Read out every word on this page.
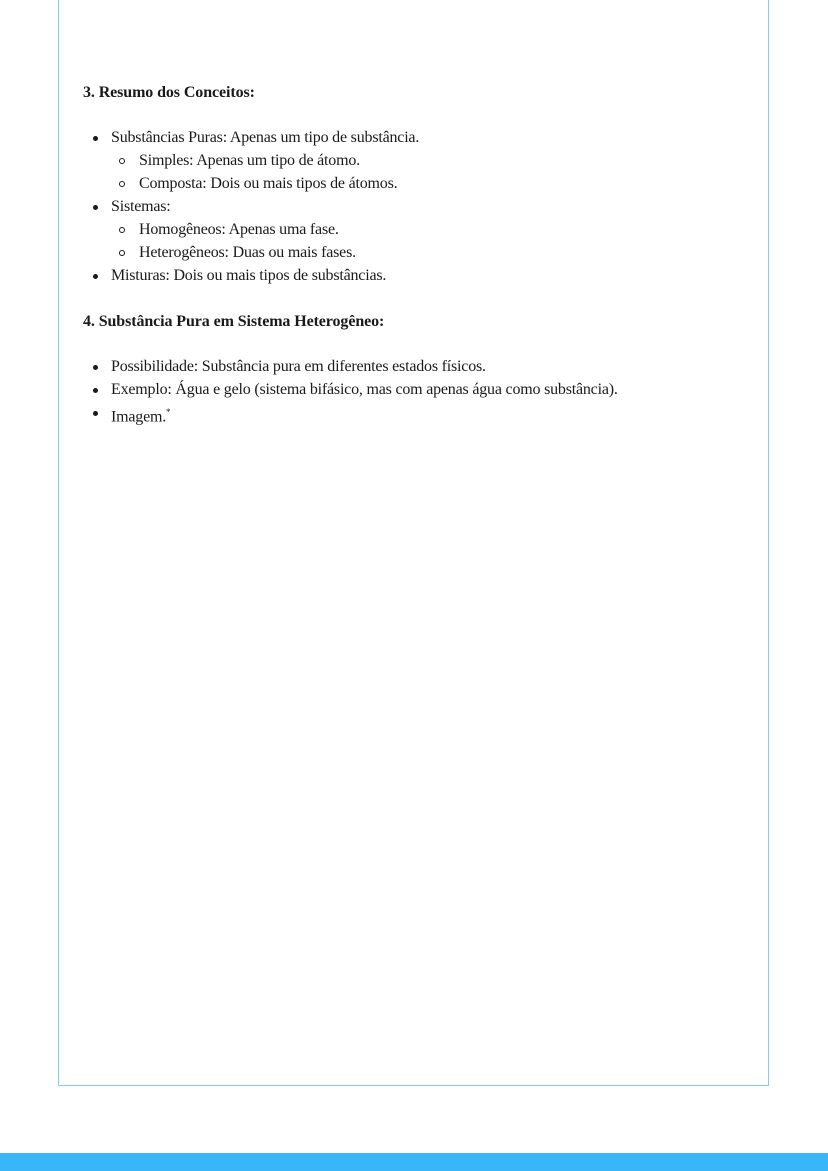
3. Resumo dos Conceitos:
Substâncias Puras: Apenas um tipo de substância.
Simples: Apenas um tipo de átomo.
Composta: Dois ou mais tipos de átomos.
Sistemas:
Homogêneos: Apenas uma fase.
Heterogêneos: Duas ou mais fases.
Misturas: Dois ou mais tipos de substâncias.
4. Substância Pura em Sistema Heterogêneo:
Possibilidade: Substância pura em diferentes estados físicos.
Exemplo: Água e gelo (sistema bifásico, mas com apenas água como substância).
Imagem.*
